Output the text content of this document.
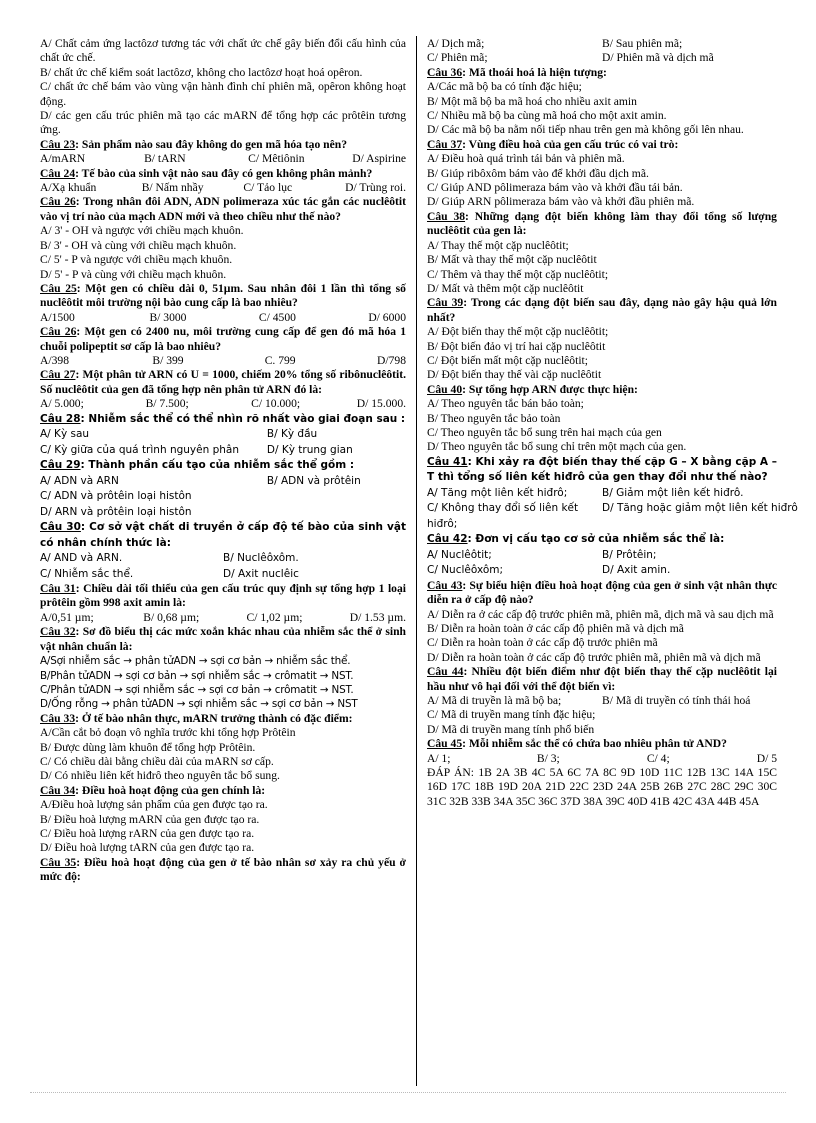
A/ Chất cảm ứng lactôzơ tương tác với chất ức chế gây biến đổi cấu hình của chất ức chế.

B/ chất ức chế kiểm soát lactôzơ, không cho lactôzơ hoạt hoá opêron.

C/ chất ức chế bám vào vùng vận hành đình chỉ phiên mã, opêron không hoạt động.

D/ các gen cấu trúc phiên mã tạo các mARN để tổng hợp các prôtêin tương ứng.

Câu 23: Sản phẩm nào sau đây không do gen mã hóa tạo nên?

A/mARN	B/ tARN	C/ Mêtiônin	D/ Aspirine

Câu 24: Tế bào của sinh vật nào sau đây có gen không phân mảnh?

A/Xạ khuẩn	B/ Nấm nhầy	C/ Tảo lục	D/ Trùng roi.

Câu 26: Trong nhân đôi ADN, ADN polimeraza xúc tác gắn các nuclêôtit vào vị trí nào của mạch ADN mới và theo chiều như thế nào?

A/ 3' - OH và ngược với chiều mạch khuôn.

B/ 3' - OH và cùng với chiều mạch khuôn.

C/ 5' - P và ngược với chiều mạch khuôn.

D/ 5' - P và cùng với chiều mạch khuôn.

Câu 25: Một gen có chiều dài 0, 51µm. Sau nhân đôi 1 lần thì tổng số nuclêôtit môi trường nội bào cung cấp là bao nhiêu?

A/1500	B/ 3000	C/ 4500	D/ 6000

Câu 26: Một gen có 2400 nu, môi trường cung cấp để gen đó mã hóa 1 chuỗi polipeptit sơ cấp là bao nhiêu?

A/398	B/ 399	C. 799	D/798

Câu 27: Một phân tử ARN có U = 1000, chiếm 20% tổng số ribônuclêôtit. Số nuclêôtit của gen đã tổng hợp nên phân tử ARN đó là:

A/ 5.000;	B/ 7.500;	C/ 10.000;	D/ 15.000.

Câu 28: Nhiễm sắc thể có thể nhìn rõ nhất vào giai đoạn sau :

A/ Kỳ sau	B/ Kỳ đầu
C/ Kỳ giữa của quá trình nguyên phân	D/ Kỳ trung gian

Câu 29: Thành phần cấu tạo của nhiễm sắc thể gồm :

A/ ADN và ARN	B/ ADN và prôtêin

C/ ADN và prôtêin loại histôn

D/ ARN và prôtêin loại histôn

Câu 30: Cơ sở vật chất di truyền ở cấp độ tế bào của sinh vật có nhân chính thức là:

A/ AND và ARN.	B/ Nuclêôxôm.
C/ Nhiễm sắc thể.	D/ Axit nuclêic

Câu 31: Chiều dài tối thiểu của gen cấu trúc quy định sự tổng hợp 1 loại prôtêin gồm 998 axit amin là:

A/0,51 µm;	B/ 0,68 µm;	C/ 1,02 µm;	D/ 1.53 µm.

Câu 32: Sơ đồ biểu thị các mức xoắn khác nhau của nhiễm sắc thể ở sinh vật nhân chuẩn là:

A/Sợi nhiễm sắc → phân tửADN → sợi cơ bản → nhiễm sắc thể.

B/Phân tửADN → sợi cơ bản → sợi nhiễm sắc → crômatit → NST.

C/Phân tửADN → sợi nhiễm sắc → sợi cơ bản → crômatit → NST.

D/Ống rỗng → phân tửADN → sợi nhiễm sắc → sợi cơ bản → NST

Câu 33: Ở tế bào nhân thực, mARN trưởng thành có đặc điểm:

A/Cần cắt bỏ đoạn vô nghĩa trước khi tổng hợp Prôtêin

B/ Được dùng làm khuôn để tổng hợp Prôtêin.

C/ Có chiều dài bằng chiều dài của mARN sơ cấp.

D/ Có nhiều liên kết hiđrô theo nguyên tắc bổ sung.

Câu 34: Điều hoà hoạt động của gen chính là:

A/Điều hoà lượng sản phẩm của gen được tạo ra.

B/ Điều hoà lượng mARN của gen được tạo ra.

C/ Điều hoà lượng rARN của gen được tạo ra.

D/ Điều hoà lượng tARN của gen được tạo ra.

Câu 35: Điều hoà hoạt động của gen ở tế bào nhân sơ xảy ra chủ yếu ở mức độ:

A/ Dịch mã;	B/ Sau phiên mã;
C/ Phiên mã;	D/ Phiên mã và dịch mã

Câu 36: Mã thoái hoá là hiện tượng:

A/Các mã bộ ba có tính đặc hiệu;

B/ Một mã bộ ba mã hoá cho nhiều axit amin

C/ Nhiều mã bộ ba cùng mã hoá cho một axit amin.

D/ Các mã bộ ba nằm nối tiếp nhau trên gen mà không gối lên nhau.

Câu 37: Vùng điều hoà của gen cấu trúc có vai trò:

A/ Điều hoà quá trình tái bản và phiên mã.

B/ Giúp ribôxôm bám vào để khởi đầu dịch mã.

C/ Giúp AND pôlimeraza bám vào và khởi đầu tái bản.

D/ Giúp ARN pôlimeraza bám vào và khởi đầu phiên mã.

Câu 38: Những dạng đột biến không làm thay đổi tổng số lượng nuclêôtit của gen là:

A/ Thay thế một cặp nuclêôtit;

B/ Mất và thay thế một cặp nuclêôtit

C/ Thêm và thay thế một cặp nuclêôtit;

D/ Mất và thêm một cặp nuclêôtit

Câu 39: Trong các dạng đột biến sau đây, dạng nào gây hậu quả lớn nhất?

A/ Đột biến thay thế một cặp nuclêôtit;

B/ Đột biến đảo vị trí hai cặp nuclêôtit

C/ Đột biến mất một cặp nuclêôtit;

D/ Đột biến thay thế vài cặp nuclêôtit

Câu 40: Sự tổng hợp ARN được thực hiện:

A/ Theo nguyên tắc bán bảo toàn;

B/ Theo nguyên tắc bảo toàn

C/ Theo nguyên tắc bổ sung trên hai mạch của gen

D/ Theo nguyên tắc bổ sung chỉ trên một mạch của gen.

Câu 41: Khi xảy ra đột biến thay thế cặp G – X bằng cặp A – T thì tổng số liên kết hiđrô của gen thay đổi như thế nào?

A/ Tăng một liên kết hiđrô;	B/ Giảm một liên kết hiđrô.
C/ Không thay đổi số liên kết hiđrô;
D/ Tăng hoặc giảm một liên kết hiđrô

Câu 42: Đơn vị cấu tạo cơ sở của nhiễm sắc thể là:

A/ Nuclêôtit;	B/ Prôtêin;
C/ Nuclêôxôm;	D/ Axit amin.

Câu 43: Sự biểu hiện điều hoà hoạt động của gen ở sinh vật nhân thực diễn ra ở cấp độ nào?

A/ Diễn ra ở các cấp độ trước phiên mã, phiên mã, dịch mã và sau dịch mã

B/ Diễn ra hoàn toàn ở các cấp độ phiên mã và dịch mã

C/ Diễn ra hoàn toàn ở các cấp độ trước phiên mã

D/ Diễn ra hoàn toàn ở các cấp độ trước phiên mã, phiên mã và dịch mã

Câu 44: Nhiều đột biến điểm như đột biến thay thế cặp nuclêôtit lại hầu như vô hại đối với thể đột biến vì:

A/ Mã di truyền là mã bộ ba;	B/ Mã di truyền có tính thái hoá

C/ Mã di truyền mang tính đặc hiệu;

D/ Mã di truyền mang tính phổ biến

Câu 45: Mỗi nhiễm sắc thể có chứa bao nhiêu phân tử AND?

A/ 1;	B/ 3;	C/ 4;	D/ 5

ĐÁP ÁN: 1B 2A 3B 4C 5A 6C 7A 8C 9D 10D 11C 12B 13C 14A 15C 16D 17C 18B 19D 20A 21D 22C 23D 24A 25B 26B 27C 28C 29C 30C 31C 32B 33B 34A 35C 36C 37D 38A 39C 40D 41B 42C 43A 44B 45A
